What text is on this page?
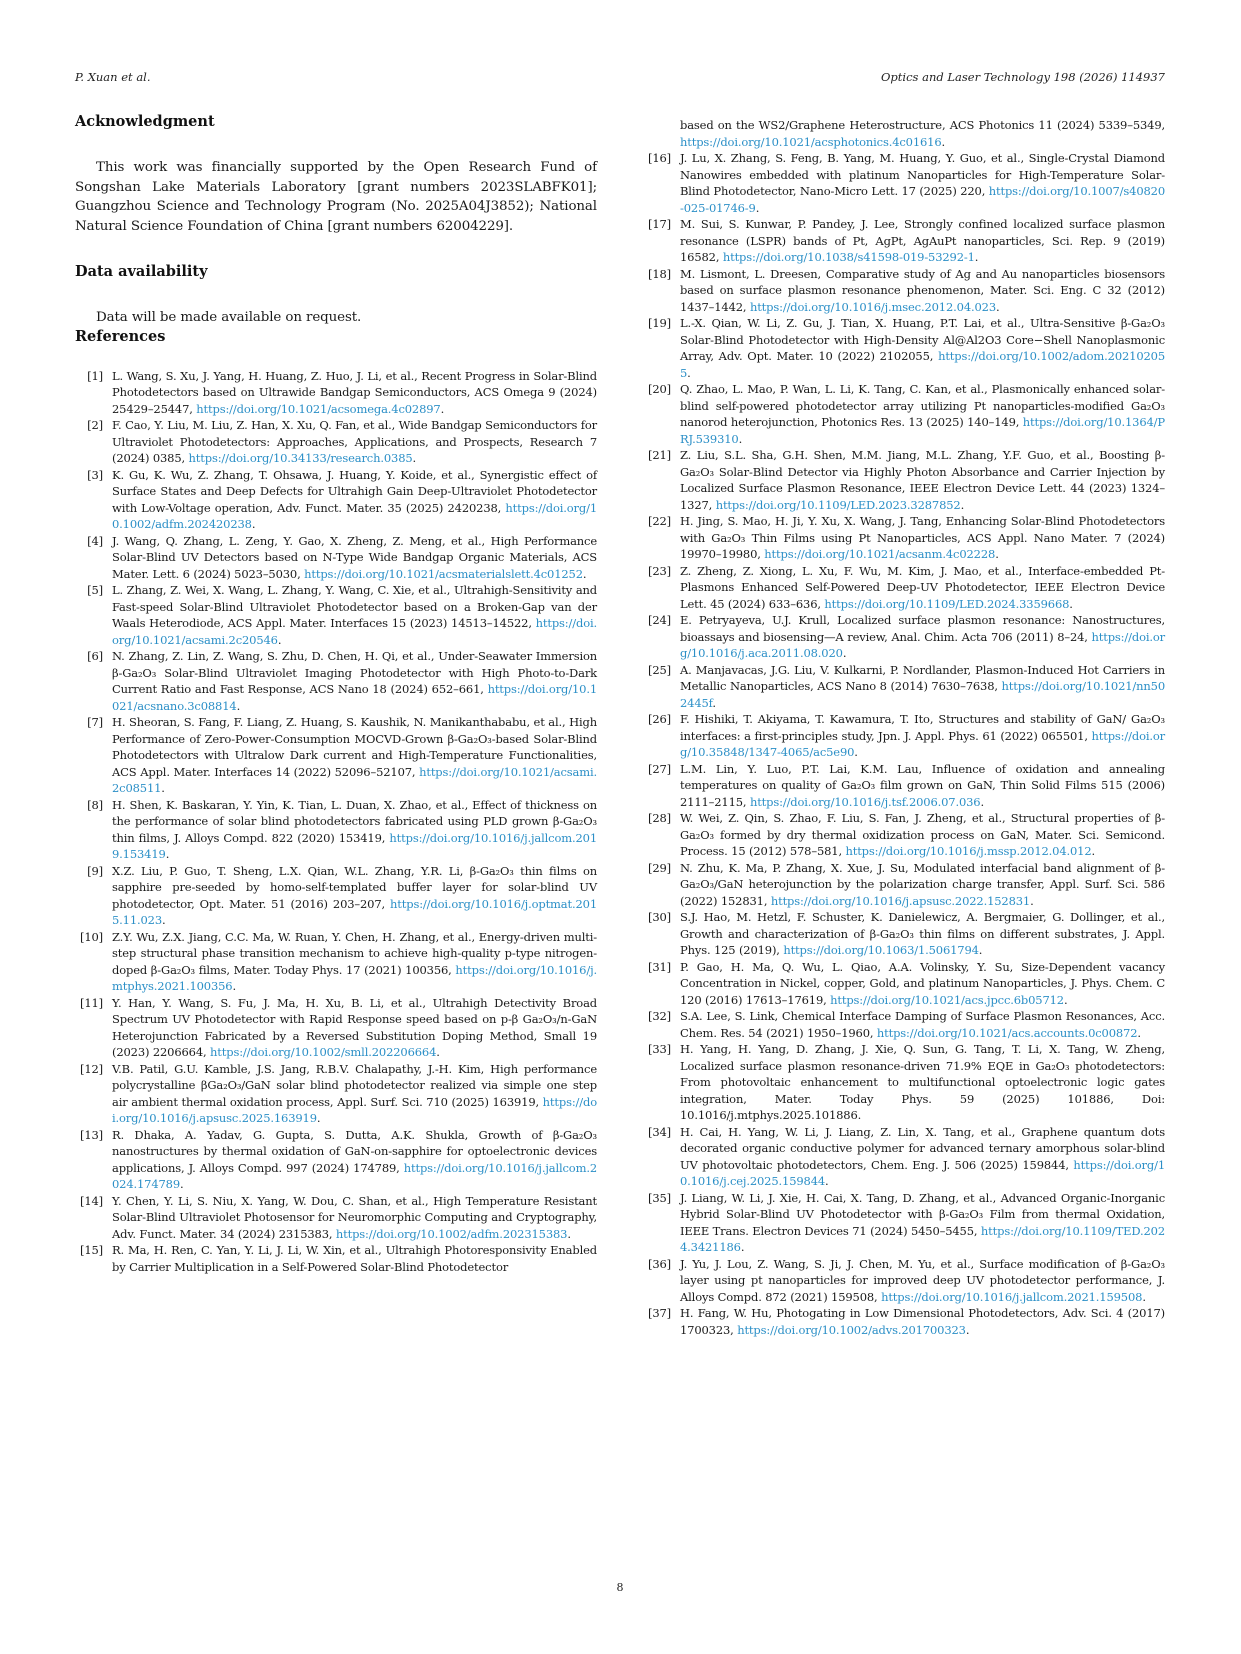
P. Xuan et al.	Optics and Laser Technology 198 (2026) 114937
Acknowledgment

This work was financially supported by the Open Research Fund of Songshan Lake Materials Laboratory [grant numbers 2023SLABFK01]; Guangzhou Science and Technology Program (No. 2025A04J3852); National Natural Science Foundation of China [grant numbers 62004229].

Data availability

Data will be made available on request.

References
[1] L. Wang, S. Xu, J. Yang, H. Huang, Z. Huo, J. Li, et al., Recent Progress in Solar-Blind Photodetectors based on Ultrawide Bandgap Semiconductors, ACS Omega 9 (2024) 25429–25447, https://doi.org/10.1021/acsomega.4c02897.
[2] F. Cao, Y. Liu, M. Liu, Z. Han, X. Xu, Q. Fan, et al., Wide Bandgap Semiconductors for Ultraviolet Photodetectors: Approaches, Applications, and Prospects, Research 7 (2024) 0385, https://doi.org/10.34133/research.0385.
[3] K. Gu, K. Wu, Z. Zhang, T. Ohsawa, J. Huang, Y. Koide, et al., Synergistic effect of Surface States and Deep Defects for Ultrahigh Gain Deep-Ultraviolet Photodetector with Low-Voltage operation, Adv. Funct. Mater. 35 (2025) 2420238, https://doi.org/10.1002/adfm.202420238.
[4] J. Wang, Q. Zhang, L. Zeng, Y. Gao, X. Zheng, Z. Meng, et al., High Performance Solar-Blind UV Detectors based on N-Type Wide Bandgap Organic Materials, ACS Mater. Lett. 6 (2024) 5023–5030, https://doi.org/10.1021/acsmaterialslett.4c01252.
[5] L. Zhang, Z. Wei, X. Wang, L. Zhang, Y. Wang, C. Xie, et al., Ultrahigh-Sensitivity and Fast-speed Solar-Blind Ultraviolet Photodetector based on a Broken-Gap van der Waals Heterodiode, ACS Appl. Mater. Interfaces 15 (2023) 14513–14522, https://doi.org/10.1021/acsami.2c20546.
[6] N. Zhang, Z. Lin, Z. Wang, S. Zhu, D. Chen, H. Qi, et al., Under-Seawater Immersion β-Ga₂O₃ Solar-Blind Ultraviolet Imaging Photodetector with High Photo-to-Dark Current Ratio and Fast Response, ACS Nano 18 (2024) 652–661, https://doi.org/10.1021/acsnano.3c08814.
[7] H. Sheoran, S. Fang, F. Liang, Z. Huang, S. Kaushik, N. Manikanthababu, et al., High Performance of Zero-Power-Consumption MOCVD-Grown β-Ga₂O₃-based Solar-Blind Photodetectors with Ultralow Dark current and High-Temperature Functionalities, ACS Appl. Mater. Interfaces 14 (2022) 52096–52107, https://doi.org/10.1021/acsami.2c08511.
[8] H. Shen, K. Baskaran, Y. Yin, K. Tian, L. Duan, X. Zhao, et al., Effect of thickness on the performance of solar blind photodetectors fabricated using PLD grown β-Ga₂O₃ thin films, J. Alloys Compd. 822 (2020) 153419, https://doi.org/10.1016/j.jallcom.2019.153419.
[9] X.Z. Liu, P. Guo, T. Sheng, L.X. Qian, W.L. Zhang, Y.R. Li, β-Ga₂O₃ thin films on sapphire pre-seeded by homo-self-templated buffer layer for solar-blind UV photodetector, Opt. Mater. 51 (2016) 203–207, https://doi.org/10.1016/j.optmat.2015.11.023.
[10] Z.Y. Wu, Z.X. Jiang, C.C. Ma, W. Ruan, Y. Chen, H. Zhang, et al., Energy-driven multi-step structural phase transition mechanism to achieve high-quality p-type nitrogen-doped β-Ga₂O₃ films, Mater. Today Phys. 17 (2021) 100356, https://doi.org/10.1016/j.mtphys.2021.100356.
[11] Y. Han, Y. Wang, S. Fu, J. Ma, H. Xu, B. Li, et al., Ultrahigh Detectivity Broad Spectrum UV Photodetector with Rapid Response speed based on p-β Ga₂O₃/n-GaN Heterojunction Fabricated by a Reversed Substitution Doping Method, Small 19 (2023) 2206664, https://doi.org/10.1002/smll.202206664.
[12] V.B. Patil, G.U. Kamble, J.S. Jang, R.B.V. Chalapathy, J.-H. Kim, High performance polycrystalline βGa₂O₃/GaN solar blind photodetector realized via simple one step air ambient thermal oxidation process, Appl. Surf. Sci. 710 (2025) 163919, https://doi.org/10.1016/j.apsusc.2025.163919.
[13] R. Dhaka, A. Yadav, G. Gupta, S. Dutta, A.K. Shukla, Growth of β-Ga₂O₃ nanostructures by thermal oxidation of GaN-on-sapphire for optoelectronic devices applications, J. Alloys Compd. 997 (2024) 174789, https://doi.org/10.1016/j.jallcom.2024.174789.
[14] Y. Chen, Y. Li, S. Niu, X. Yang, W. Dou, C. Shan, et al., High Temperature Resistant Solar-Blind Ultraviolet Photosensor for Neuromorphic Computing and Cryptography, Adv. Funct. Mater. 34 (2024) 2315383, https://doi.org/10.1002/adfm.202315383.
[15] R. Ma, H. Ren, C. Yan, Y. Li, J. Li, W. Xin, et al., Ultrahigh Photoresponsivity Enabled by Carrier Multiplication in a Self-Powered Solar-Blind Photodetector
based on the WS2/Graphene Heterostructure, ACS Photonics 11 (2024) 5339–5349, https://doi.org/10.1021/acsphotonics.4c01616.
[16] J. Lu, X. Zhang, S. Feng, B. Yang, M. Huang, Y. Guo, et al., Single-Crystal Diamond Nanowires embedded with platinum Nanoparticles for High-Temperature Solar-Blind Photodetector, Nano-Micro Lett. 17 (2025) 220, https://doi.org/10.1007/s40820-025-01746-9.
[17] M. Sui, S. Kunwar, P. Pandey, J. Lee, Strongly confined localized surface plasmon resonance (LSPR) bands of Pt, AgPt, AgAuPt nanoparticles, Sci. Rep. 9 (2019) 16582, https://doi.org/10.1038/s41598-019-53292-1.
[18] M. Lismont, L. Dreesen, Comparative study of Ag and Au nanoparticles biosensors based on surface plasmon resonance phenomenon, Mater. Sci. Eng. C 32 (2012) 1437–1442, https://doi.org/10.1016/j.msec.2012.04.023.
[19] L.-X. Qian, W. Li, Z. Gu, J. Tian, X. Huang, P.T. Lai, et al., Ultra-Sensitive β-Ga₂O₃ Solar-Blind Photodetector with High-Density Al@Al2O3 Core−Shell Nanoplasmonic Array, Adv. Opt. Mater. 10 (2022) 2102055, https://doi.org/10.1002/adom.202102055.
[20] Q. Zhao, L. Mao, P. Wan, L. Li, K. Tang, C. Kan, et al., Plasmonically enhanced solar-blind self-powered photodetector array utilizing Pt nanoparticles-modified Ga₂O₃ nanorod heterojunction, Photonics Res. 13 (2025) 140–149, https://doi.org/10.1364/PRJ.539310.
[21] Z. Liu, S.L. Sha, G.H. Shen, M.M. Jiang, M.L. Zhang, Y.F. Guo, et al., Boosting β-Ga₂O₃ Solar-Blind Detector via Highly Photon Absorbance and Carrier Injection by Localized Surface Plasmon Resonance, IEEE Electron Device Lett. 44 (2023) 1324–1327, https://doi.org/10.1109/LED.2023.3287852.
[22] H. Jing, S. Mao, H. Ji, Y. Xu, X. Wang, J. Tang, Enhancing Solar-Blind Photodetectors with Ga₂O₃ Thin Films using Pt Nanoparticles, ACS Appl. Nano Mater. 7 (2024) 19970–19980, https://doi.org/10.1021/acsanm.4c02228.
[23] Z. Zheng, Z. Xiong, L. Xu, F. Wu, M. Kim, J. Mao, et al., Interface-embedded Pt-Plasmons Enhanced Self-Powered Deep-UV Photodetector, IEEE Electron Device Lett. 45 (2024) 633–636, https://doi.org/10.1109/LED.2024.3359668.
[24] E. Petryayeva, U.J. Krull, Localized surface plasmon resonance: Nanostructures, bioassays and biosensing—A review, Anal. Chim. Acta 706 (2011) 8–24, https://doi.org/10.1016/j.aca.2011.08.020.
[25] A. Manjavacas, J.G. Liu, V. Kulkarni, P. Nordlander, Plasmon-Induced Hot Carriers in Metallic Nanoparticles, ACS Nano 8 (2014) 7630–7638, https://doi.org/10.1021/nn502445f.
[26] F. Hishiki, T. Akiyama, T. Kawamura, T. Ito, Structures and stability of GaN/ Ga₂O₃ interfaces: a first-principles study, Jpn. J. Appl. Phys. 61 (2022) 065501, https://doi.org/10.35848/1347-4065/ac5e90.
[27] L.M. Lin, Y. Luo, P.T. Lai, K.M. Lau, Influence of oxidation and annealing temperatures on quality of Ga₂O₃ film grown on GaN, Thin Solid Films 515 (2006) 2111–2115, https://doi.org/10.1016/j.tsf.2006.07.036.
[28] W. Wei, Z. Qin, S. Zhao, F. Liu, S. Fan, J. Zheng, et al., Structural properties of β-Ga₂O₃ formed by dry thermal oxidization process on GaN, Mater. Sci. Semicond. Process. 15 (2012) 578–581, https://doi.org/10.1016/j.mssp.2012.04.012.
[29] N. Zhu, K. Ma, P. Zhang, X. Xue, J. Su, Modulated interfacial band alignment of β-Ga₂O₃/GaN heterojunction by the polarization charge transfer, Appl. Surf. Sci. 586 (2022) 152831, https://doi.org/10.1016/j.apsusc.2022.152831.
[30] S.J. Hao, M. Hetzl, F. Schuster, K. Danielewicz, A. Bergmaier, G. Dollinger, et al., Growth and characterization of β-Ga₂O₃ thin films on different substrates, J. Appl. Phys. 125 (2019), https://doi.org/10.1063/1.5061794.
[31] P. Gao, H. Ma, Q. Wu, L. Qiao, A.A. Volinsky, Y. Su, Size-Dependent vacancy Concentration in Nickel, copper, Gold, and platinum Nanoparticles, J. Phys. Chem. C 120 (2016) 17613–17619, https://doi.org/10.1021/acs.jpcc.6b05712.
[32] S.A. Lee, S. Link, Chemical Interface Damping of Surface Plasmon Resonances, Acc. Chem. Res. 54 (2021) 1950–1960, https://doi.org/10.1021/acs.accounts.0c00872.
[33] H. Yang, H. Yang, D. Zhang, J. Xie, Q. Sun, G. Tang, T. Li, X. Tang, W. Zheng, Localized surface plasmon resonance-driven 71.9% EQE in Ga₂O₃ photodetectors: From photovoltaic enhancement to multifunctional optoelectronic logic gates integration, Mater. Today Phys. 59 (2025) 101886, Doi: 10.1016/j.mtphys.2025.101886.
[34] H. Cai, H. Yang, W. Li, J. Liang, Z. Lin, X. Tang, et al., Graphene quantum dots decorated organic conductive polymer for advanced ternary amorphous solar-blind UV photovoltaic photodetectors, Chem. Eng. J. 506 (2025) 159844, https://doi.org/10.1016/j.cej.2025.159844.
[35] J. Liang, W. Li, J. Xie, H. Cai, X. Tang, D. Zhang, et al., Advanced Organic-Inorganic Hybrid Solar-Blind UV Photodetector with β-Ga₂O₃ Film from thermal Oxidation, IEEE Trans. Electron Devices 71 (2024) 5450–5455, https://doi.org/10.1109/TED.2024.3421186.
[36] J. Yu, J. Lou, Z. Wang, S. Ji, J. Chen, M. Yu, et al., Surface modification of β-Ga₂O₃ layer using pt nanoparticles for improved deep UV photodetector performance, J. Alloys Compd. 872 (2021) 159508, https://doi.org/10.1016/j.jallcom.2021.159508.
[37] H. Fang, W. Hu, Photogating in Low Dimensional Photodetectors, Adv. Sci. 4 (2017) 1700323, https://doi.org/10.1002/advs.201700323.
8
